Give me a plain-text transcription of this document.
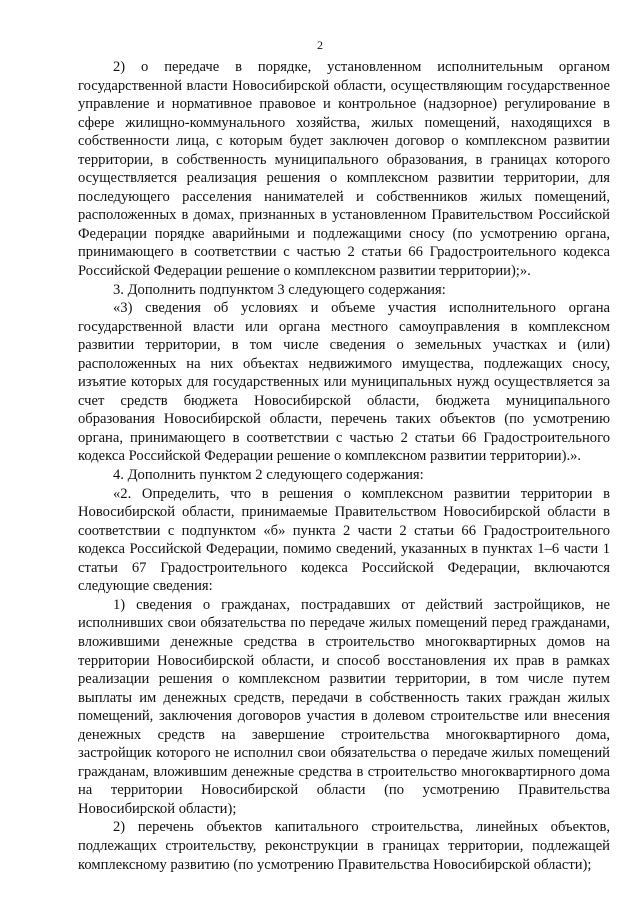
2

2) о передаче в порядке, установленном исполнительным органом государственной власти Новосибирской области, осуществляющим государственное управление и нормативное правовое и контрольное (надзорное) регулирование в сфере жилищно-коммунального хозяйства, жилых помещений, находящихся в собственности лица, с которым будет заключен договор о комплексном развитии территории, в собственность муниципального образования, в границах которого осуществляется реализация решения о комплексном развитии территории, для последующего расселения нанимателей и собственников жилых помещений, расположенных в домах, признанных в установленном Правительством Российской Федерации порядке аварийными и подлежащими сносу (по усмотрению органа, принимающего в соответствии с частью 2 статьи 66 Градостроительного кодекса Российской Федерации решение о комплексном развитии территории);».

3. Дополнить подпунктом 3 следующего содержания:

«3) сведения об условиях и объеме участия исполнительного органа государственной власти или органа местного самоуправления в комплексном развитии территории, в том числе сведения о земельных участках и (или) расположенных на них объектах недвижимого имущества, подлежащих сносу, изъятие которых для государственных или муниципальных нужд осуществляется за счет средств бюджета Новосибирской области, бюджета муниципального образования Новосибирской области, перечень таких объектов (по усмотрению органа, принимающего в соответствии с частью 2 статьи 66 Градостроительного кодекса Российской Федерации решение о комплексном развитии территории).».

4. Дополнить пунктом 2 следующего содержания:

«2. Определить, что в решения о комплексном развитии территории в Новосибирской области, принимаемые Правительством Новосибирской области в соответствии с подпунктом «б» пункта 2 части 2 статьи 66 Градостроительного кодекса Российской Федерации, помимо сведений, указанных в пунктах 1–6 части 1 статьи 67 Градостроительного кодекса Российской Федерации, включаются следующие сведения:

1) сведения о гражданах, пострадавших от действий застройщиков, не исполнивших свои обязательства по передаче жилых помещений перед гражданами, вложившими денежные средства в строительство многоквартирных домов на территории Новосибирской области, и способ восстановления их прав в рамках реализации решения о комплексном развитии территории, в том числе путем выплаты им денежных средств, передачи в собственность таких граждан жилых помещений, заключения договоров участия в долевом строительстве или внесения денежных средств на завершение строительства многоквартирного дома, застройщик которого не исполнил свои обязательства о передаче жилых помещений гражданам, вложившим денежные средства в строительство многоквартирного дома на территории Новосибирской области (по усмотрению Правительства Новосибирской области);

2) перечень объектов капитального строительства, линейных объектов, подлежащих строительству, реконструкции в границах территории, подлежащей комплексному развитию (по усмотрению Правительства Новосибирской области);
